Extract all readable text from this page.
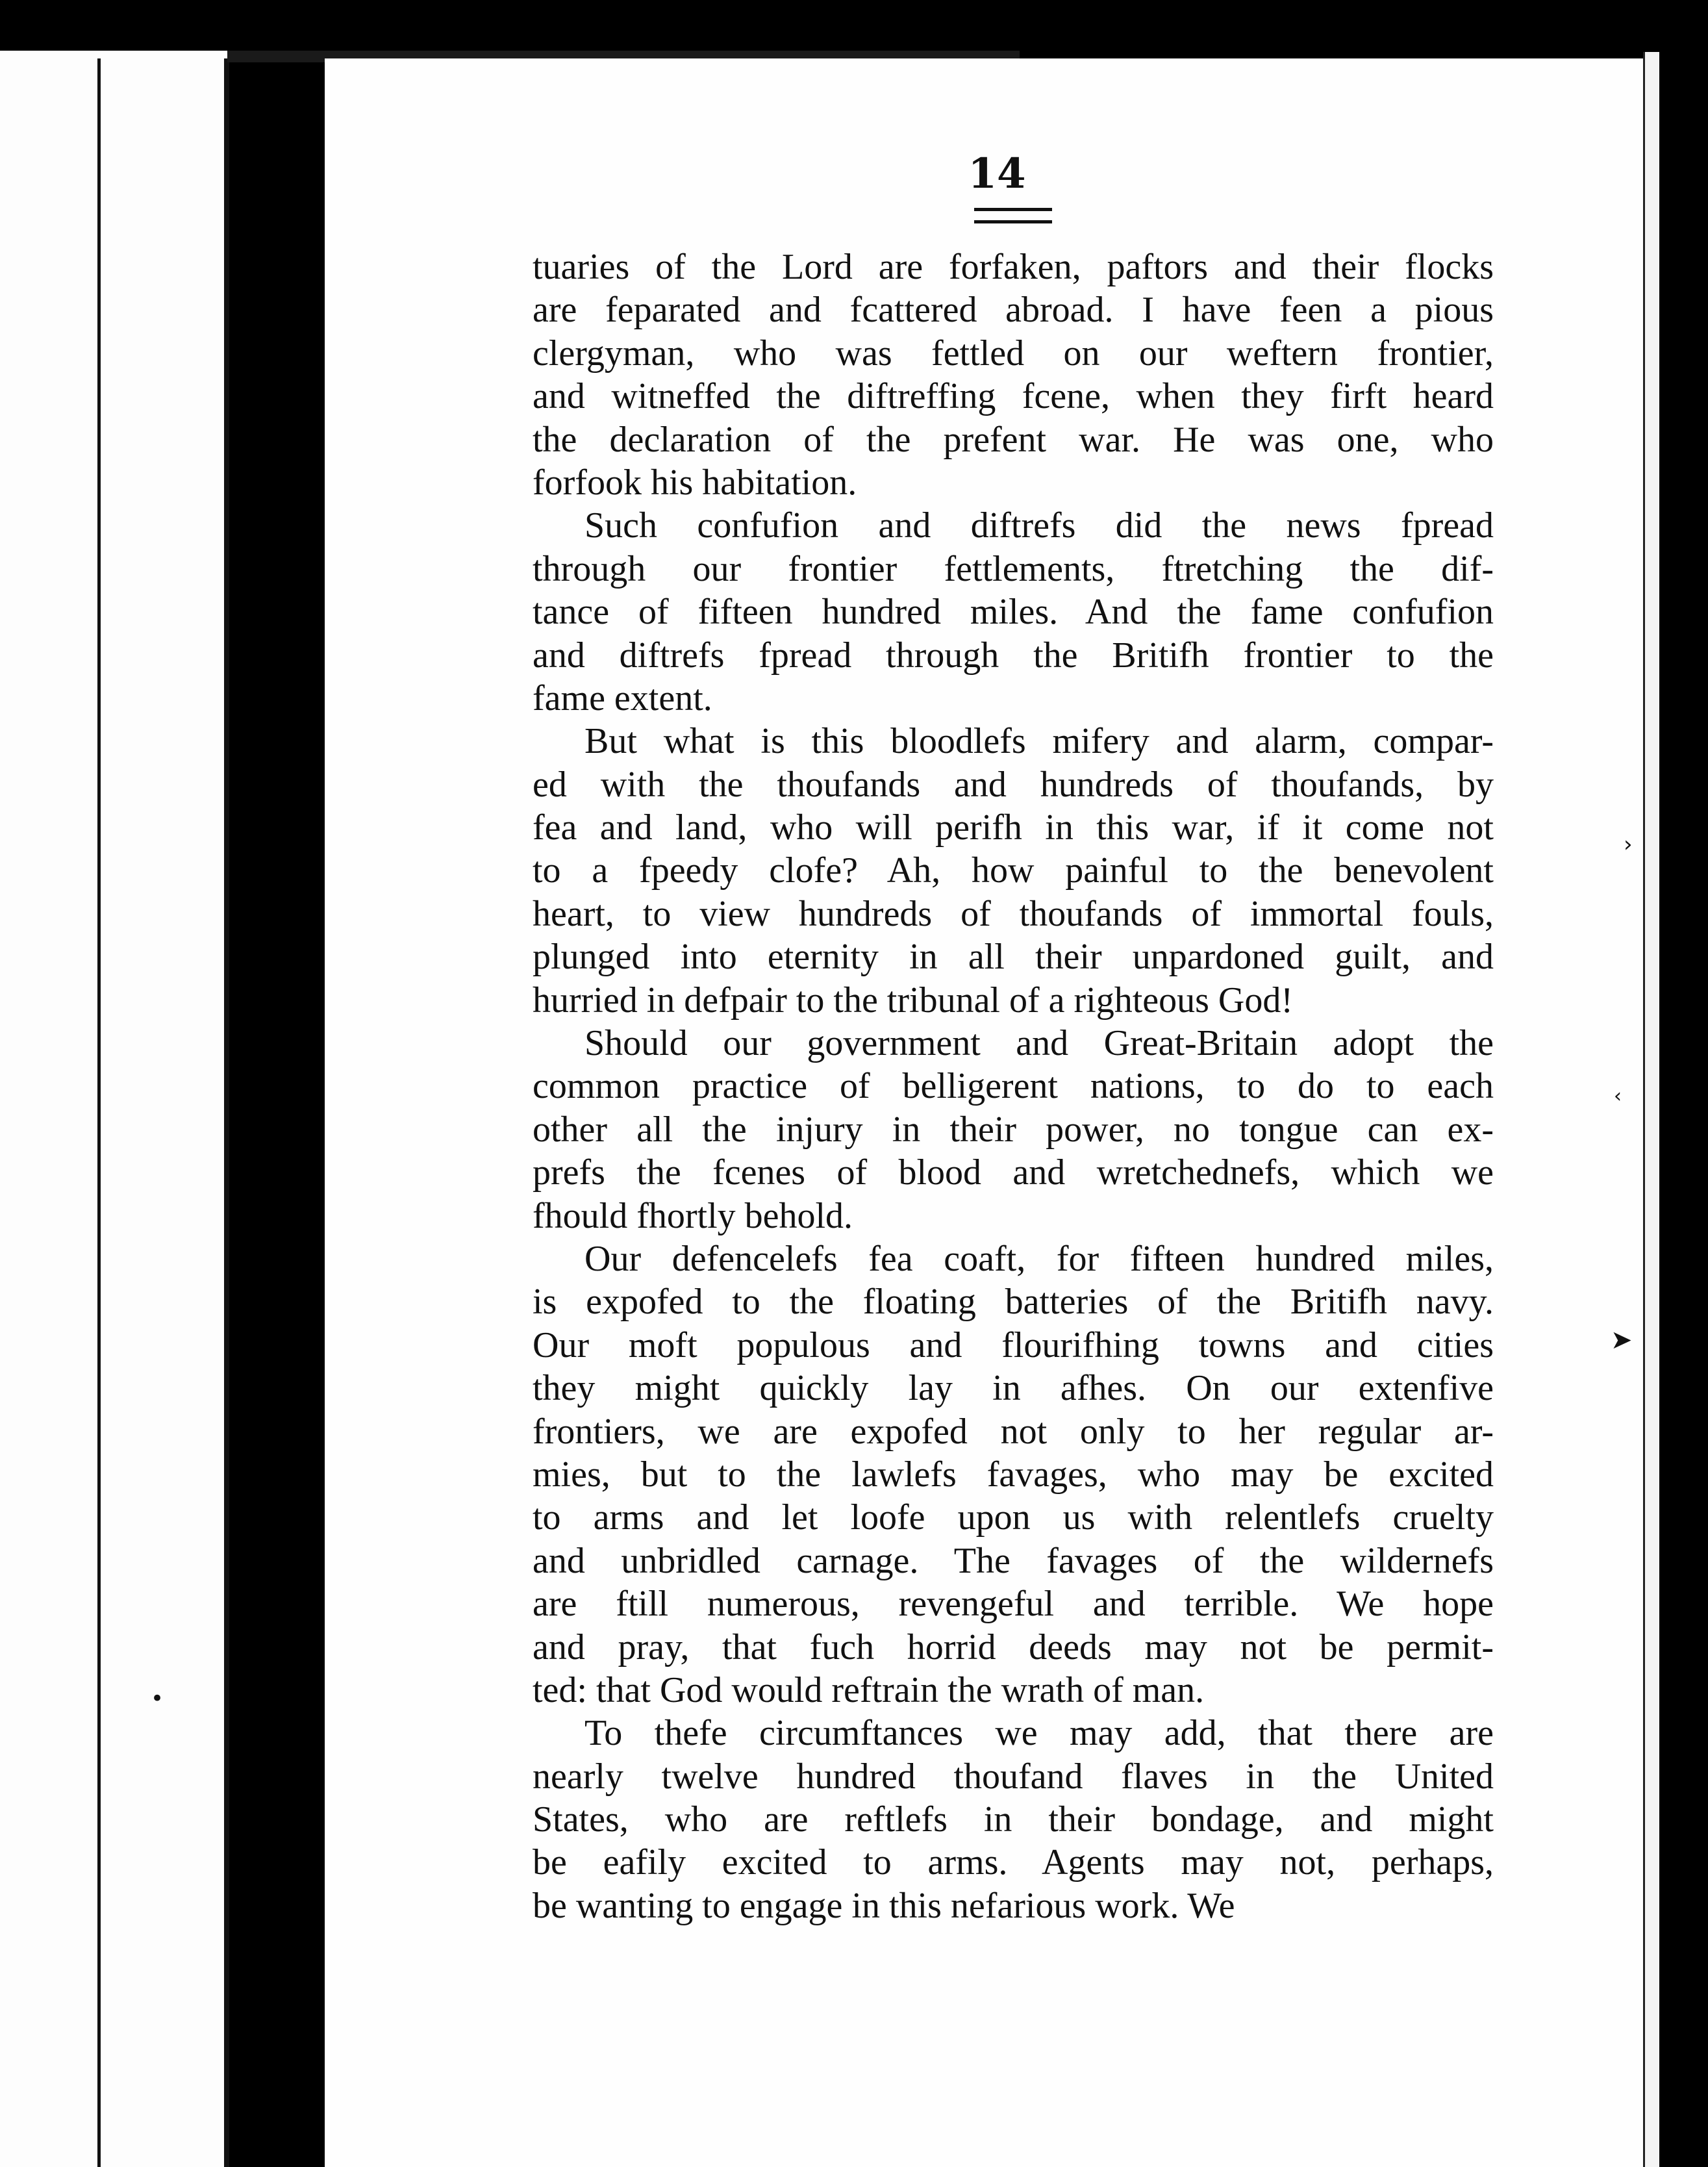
›
‹
➤
•
14
tuaries of the Lord are forfaken, paftors and their flocks
are feparated and fcattered abroad. I have feen a pious
clergyman, who was fettled on our weftern frontier,
and witneffed the diftreffing fcene, when they firft heard
the declaration of the prefent war. He was one, who
forfook his habitation.
Such confufion and diftrefs did the news fpread
through our frontier fettlements, ftretching the dif-
tance of fifteen hundred miles. And the fame confufion
and diftrefs fpread through the Britifh frontier to the
fame extent.
But what is this bloodlefs mifery and alarm, compar-
ed with the thoufands and hundreds of thoufands, by
fea and land, who will perifh in this war, if it come not
to a fpeedy clofe? Ah, how painful to the benevolent
heart, to view hundreds of thoufands of immortal fouls,
plunged into eternity in all their unpardoned guilt, and
hurried in defpair to the tribunal of a righteous God!
Should our government and Great-Britain adopt the
common practice of belligerent nations, to do to each
other all the injury in their power, no tongue can ex-
prefs the fcenes of blood and wretchednefs, which we
fhould fhortly behold.
Our defencelefs fea coaft, for fifteen hundred miles,
is expofed to the floating batteries of the Britifh navy.
Our moft populous and flourifhing towns and cities
they might quickly lay in afhes. On our extenfive
frontiers, we are expofed not only to her regular ar-
mies, but to the lawlefs favages, who may be excited
to arms and let loofe upon us with relentlefs cruelty
and unbridled carnage. The favages of the wildernefs
are ftill numerous, revengeful and terrible. We hope
and pray, that fuch horrid deeds may not be permit-
ted: that God would reftrain the wrath of man.
To thefe circumftances we may add, that there are
nearly twelve hundred thoufand flaves in the United
States, who are reftlefs in their bondage, and might
be eafily excited to arms. Agents may not, perhaps,
be wanting to engage in this nefarious work. We
